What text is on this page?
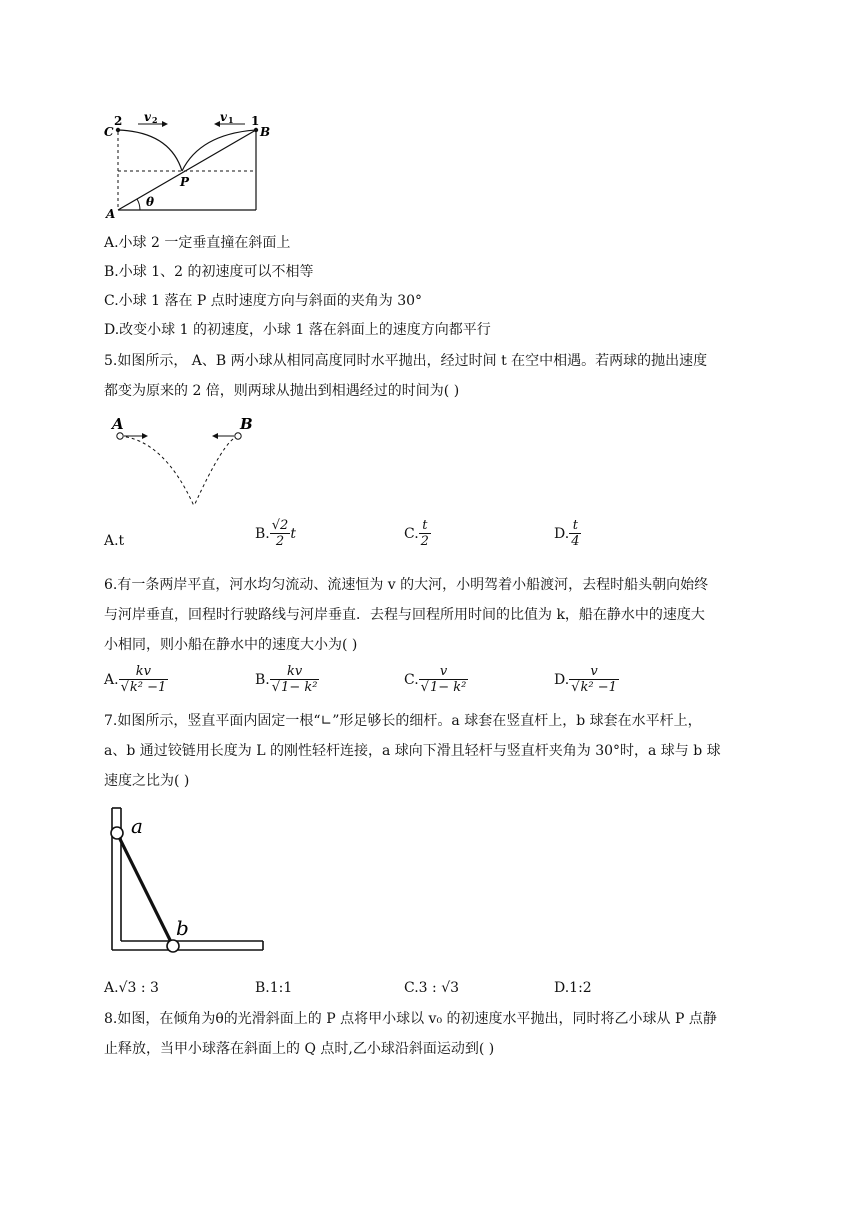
2
C
1
B
v 2	v 1
P
A
θ
A.小球 2 一定垂直撞在斜面上
B.小球 1、2 的初速度可以不相等
C.小球 1 落在 P 点时速度方向与斜面的夹角为 30°
D.改变小球 1 的初速度，小球 1 落在斜面上的速度方向都平行
5.如图所示， A、B 两小球从相同高度同时水平抛出，经过时间 t 在空中相遇。若两球的抛出速度
都变为原来的 2 倍，则两球从抛出到相遇经过的时间为( )
A	B
A.t	B. $\frac{√2}{2}$ t	C. $\frac{t}{2}$	D. $\frac{t}{4}$
6.有一条两岸平直，河水均匀流动、流速恒为 v 的大河，小明驾着小船渡河，去程时船头朝向始终
与河岸垂直，回程时行驶路线与河岸垂直．去程与回程所用时间的比值为 k，船在静水中的速度大
小相同，则小船在静水中的速度大小为( )
A. $\frac{kv}{\text{√k² −1}}$	B. $\frac{kv}{\text{√1− k²}}$	C. $\frac{v}{\text{√1− k²}}$	D. $\frac{v}{\text{√k² −1}}$
7.如图所示，竖直平面内固定一根“∟”形足够长的细杆。a 球套在竖直杆上，b 球套在水平杆上，
a、b 通过铰链用长度为 L 的刚性轻杆连接，a 球向下滑且轻杆与竖直杆夹角为 30°时，a 球与 b 球
速度之比为( )
a
b
A.√3 : 3	B.1:1	C.3 : √3	D.1:2
8.如图，在倾角为θ的光滑斜面上的 P 点将甲小球以 v₀ 的初速度水平抛出，同时将乙小球从 P 点静
止释放，当甲小球落在斜面上的 Q 点时,乙小球沿斜面运动到( )
